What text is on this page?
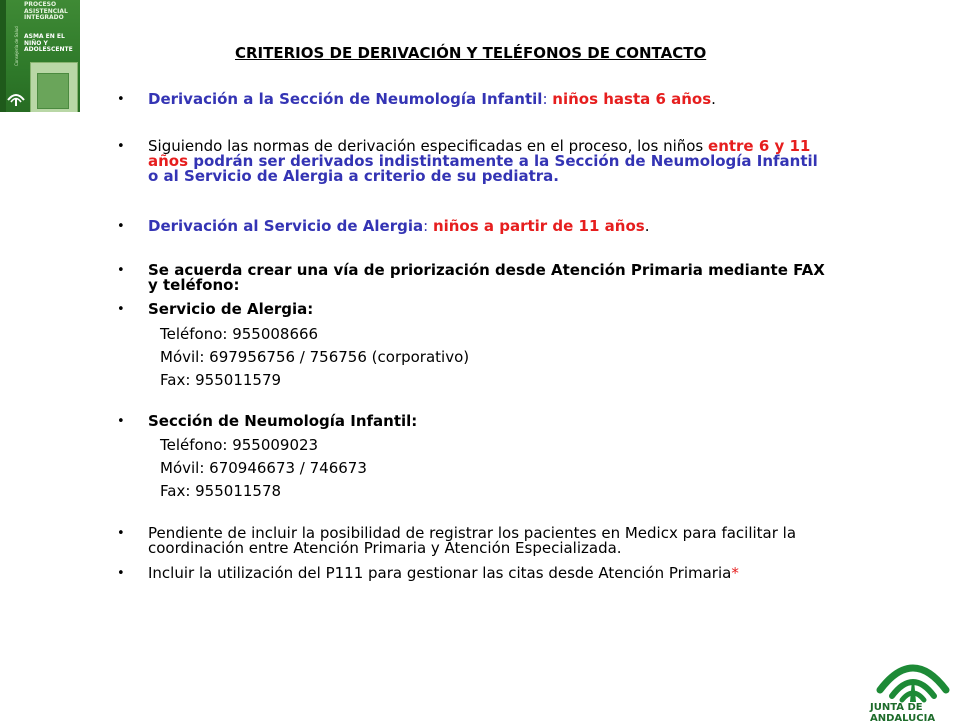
Consejería de Salud
PROCESO ASISTENCIAL INTEGRADO
ASMA EN EL NIÑO Y ADOLESCENTE	CRITERIOS DE DERIVACIÓN Y TELÉFONOS DE CONTACTO
• Derivación a la Sección de Neumología Infantil: niños hasta 6 años.
• Siguiendo las normas de derivación especificadas en el proceso, los niños entre 6 y 11
años podrán ser derivados indistintamente a la Sección de Neumología Infantil
o al Servicio de Alergia a criterio de su pediatra.
• Derivación al Servicio de Alergia: niños a partir de 11 años.
• Se acuerda crear una vía de priorización desde Atención Primaria mediante FAX
y teléfono:
• Servicio de Alergia:
Teléfono: 955008666
Móvil: 697956756 / 756756 (corporativo)
Fax: 955011579
• Sección de Neumología Infantil:
Teléfono: 955009023
Móvil: 670946673 / 746673
Fax: 955011578
• Pendiente de incluir la posibilidad de registrar los pacientes en Medicx para facilitar la
coordinación entre Atención Primaria y Atención Especializada.
• Incluir la utilización del P111 para gestionar las citas desde Atención Primaria*
JUNTA DE ANDALUCIA
